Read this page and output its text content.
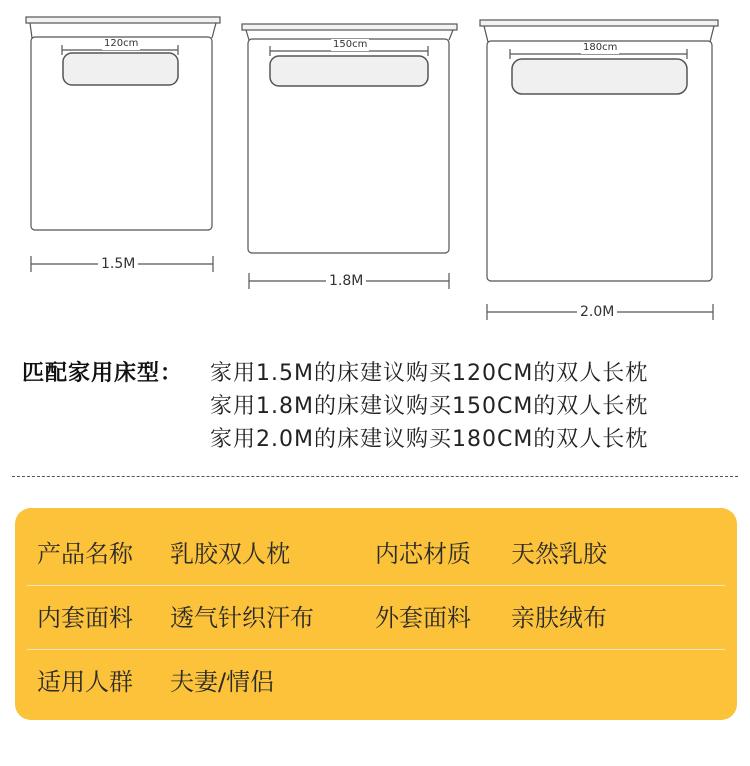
120cm
1.5M
150cm
1.8M
180cm
2.0M
匹配家用床型： 家用1.5M的床建议购买120CM的双人长枕
家用1.8M的床建议购买150CM的双人长枕
家用2.0M的床建议购买180CM的双人长枕
产品名称 乳胶双人枕	内芯材质 天然乳胶
内套面料 透气针织汗布	外套面料 亲肤绒布
适用人群 夫妻/情侣
